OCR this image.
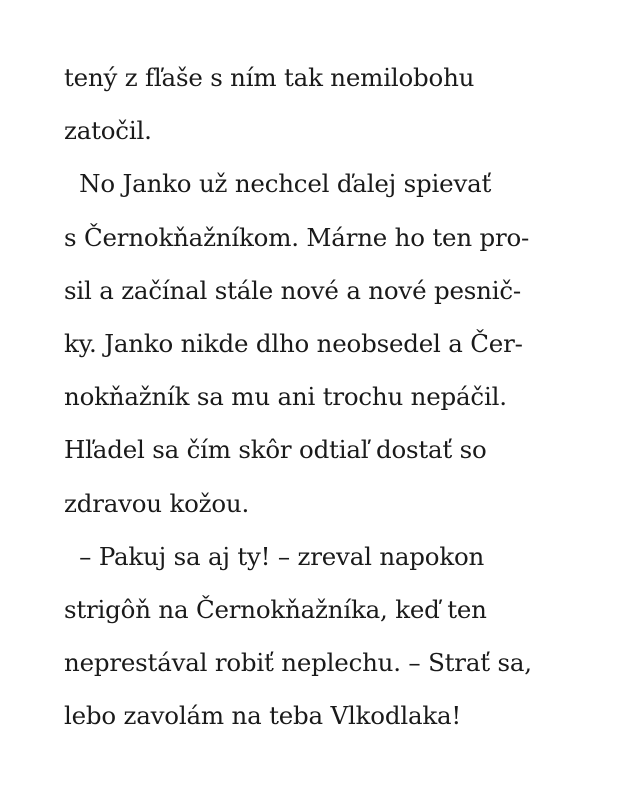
tený z fľaše s ním tak nemilobohu
zatočil.
No Janko už nechcel ďalej spievať
s Černokňažníkom. Márne ho ten pro-
sil a začínal stále nové a nové pesnič-
ky. Janko nikde dlho neobsedel a Čer-
nokňažník sa mu ani trochu nepáčil.
Hľadel sa čím skôr odtiaľ dostať so
zdravou kožou.
– Pakuj sa aj ty! – zreval napokon
strigôň na Černokňažníka, keď ten
neprestával robiť neplechu. – Strať sa,
lebo zavolám na teba Vlkodlaka!
